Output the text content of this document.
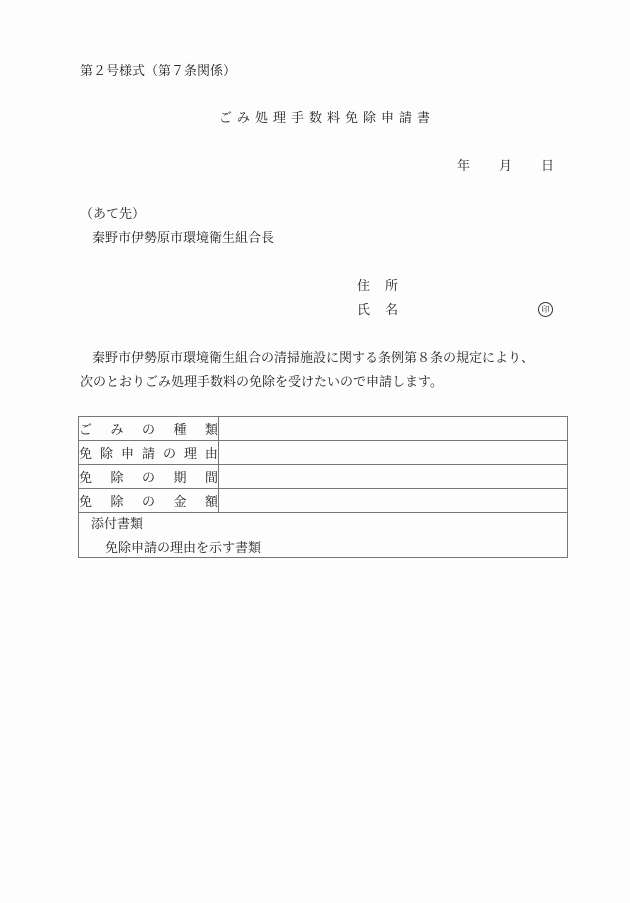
第２号様式（第７条関係）
ごみ処理手数料免除申請書
年 月 日
（あて先）
秦野市伊勢原市環境衛生組合長
住所
氏名	印
秦野市伊勢原市環境衛生組合の清掃施設に関する条例第８条の規定により、
次のとおりごみ処理手数料の免除を受けたいので申請します。
ご み の 種 類	

免 除 申 請 の 理 由

免 除 の 期 間	

免 除 の 金 額	

添付書類
免除申請の理由を示す書類	
